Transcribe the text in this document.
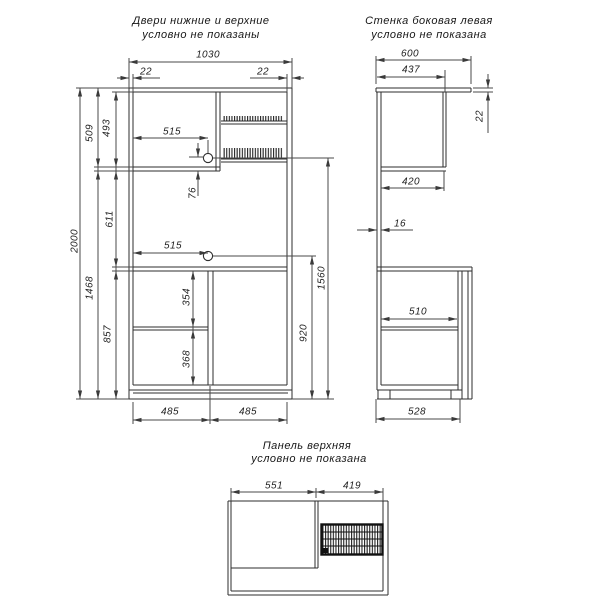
Двери нижние и верхние
условно не показаны
Стенка боковая левая
условно не показана
Панель верхняя
условно не показана
1030
22	22
2000
509 493
611
1468
857
515
76
515
354
368
485	485
1560
920
600
437
22
420
16
510
528
551	419
